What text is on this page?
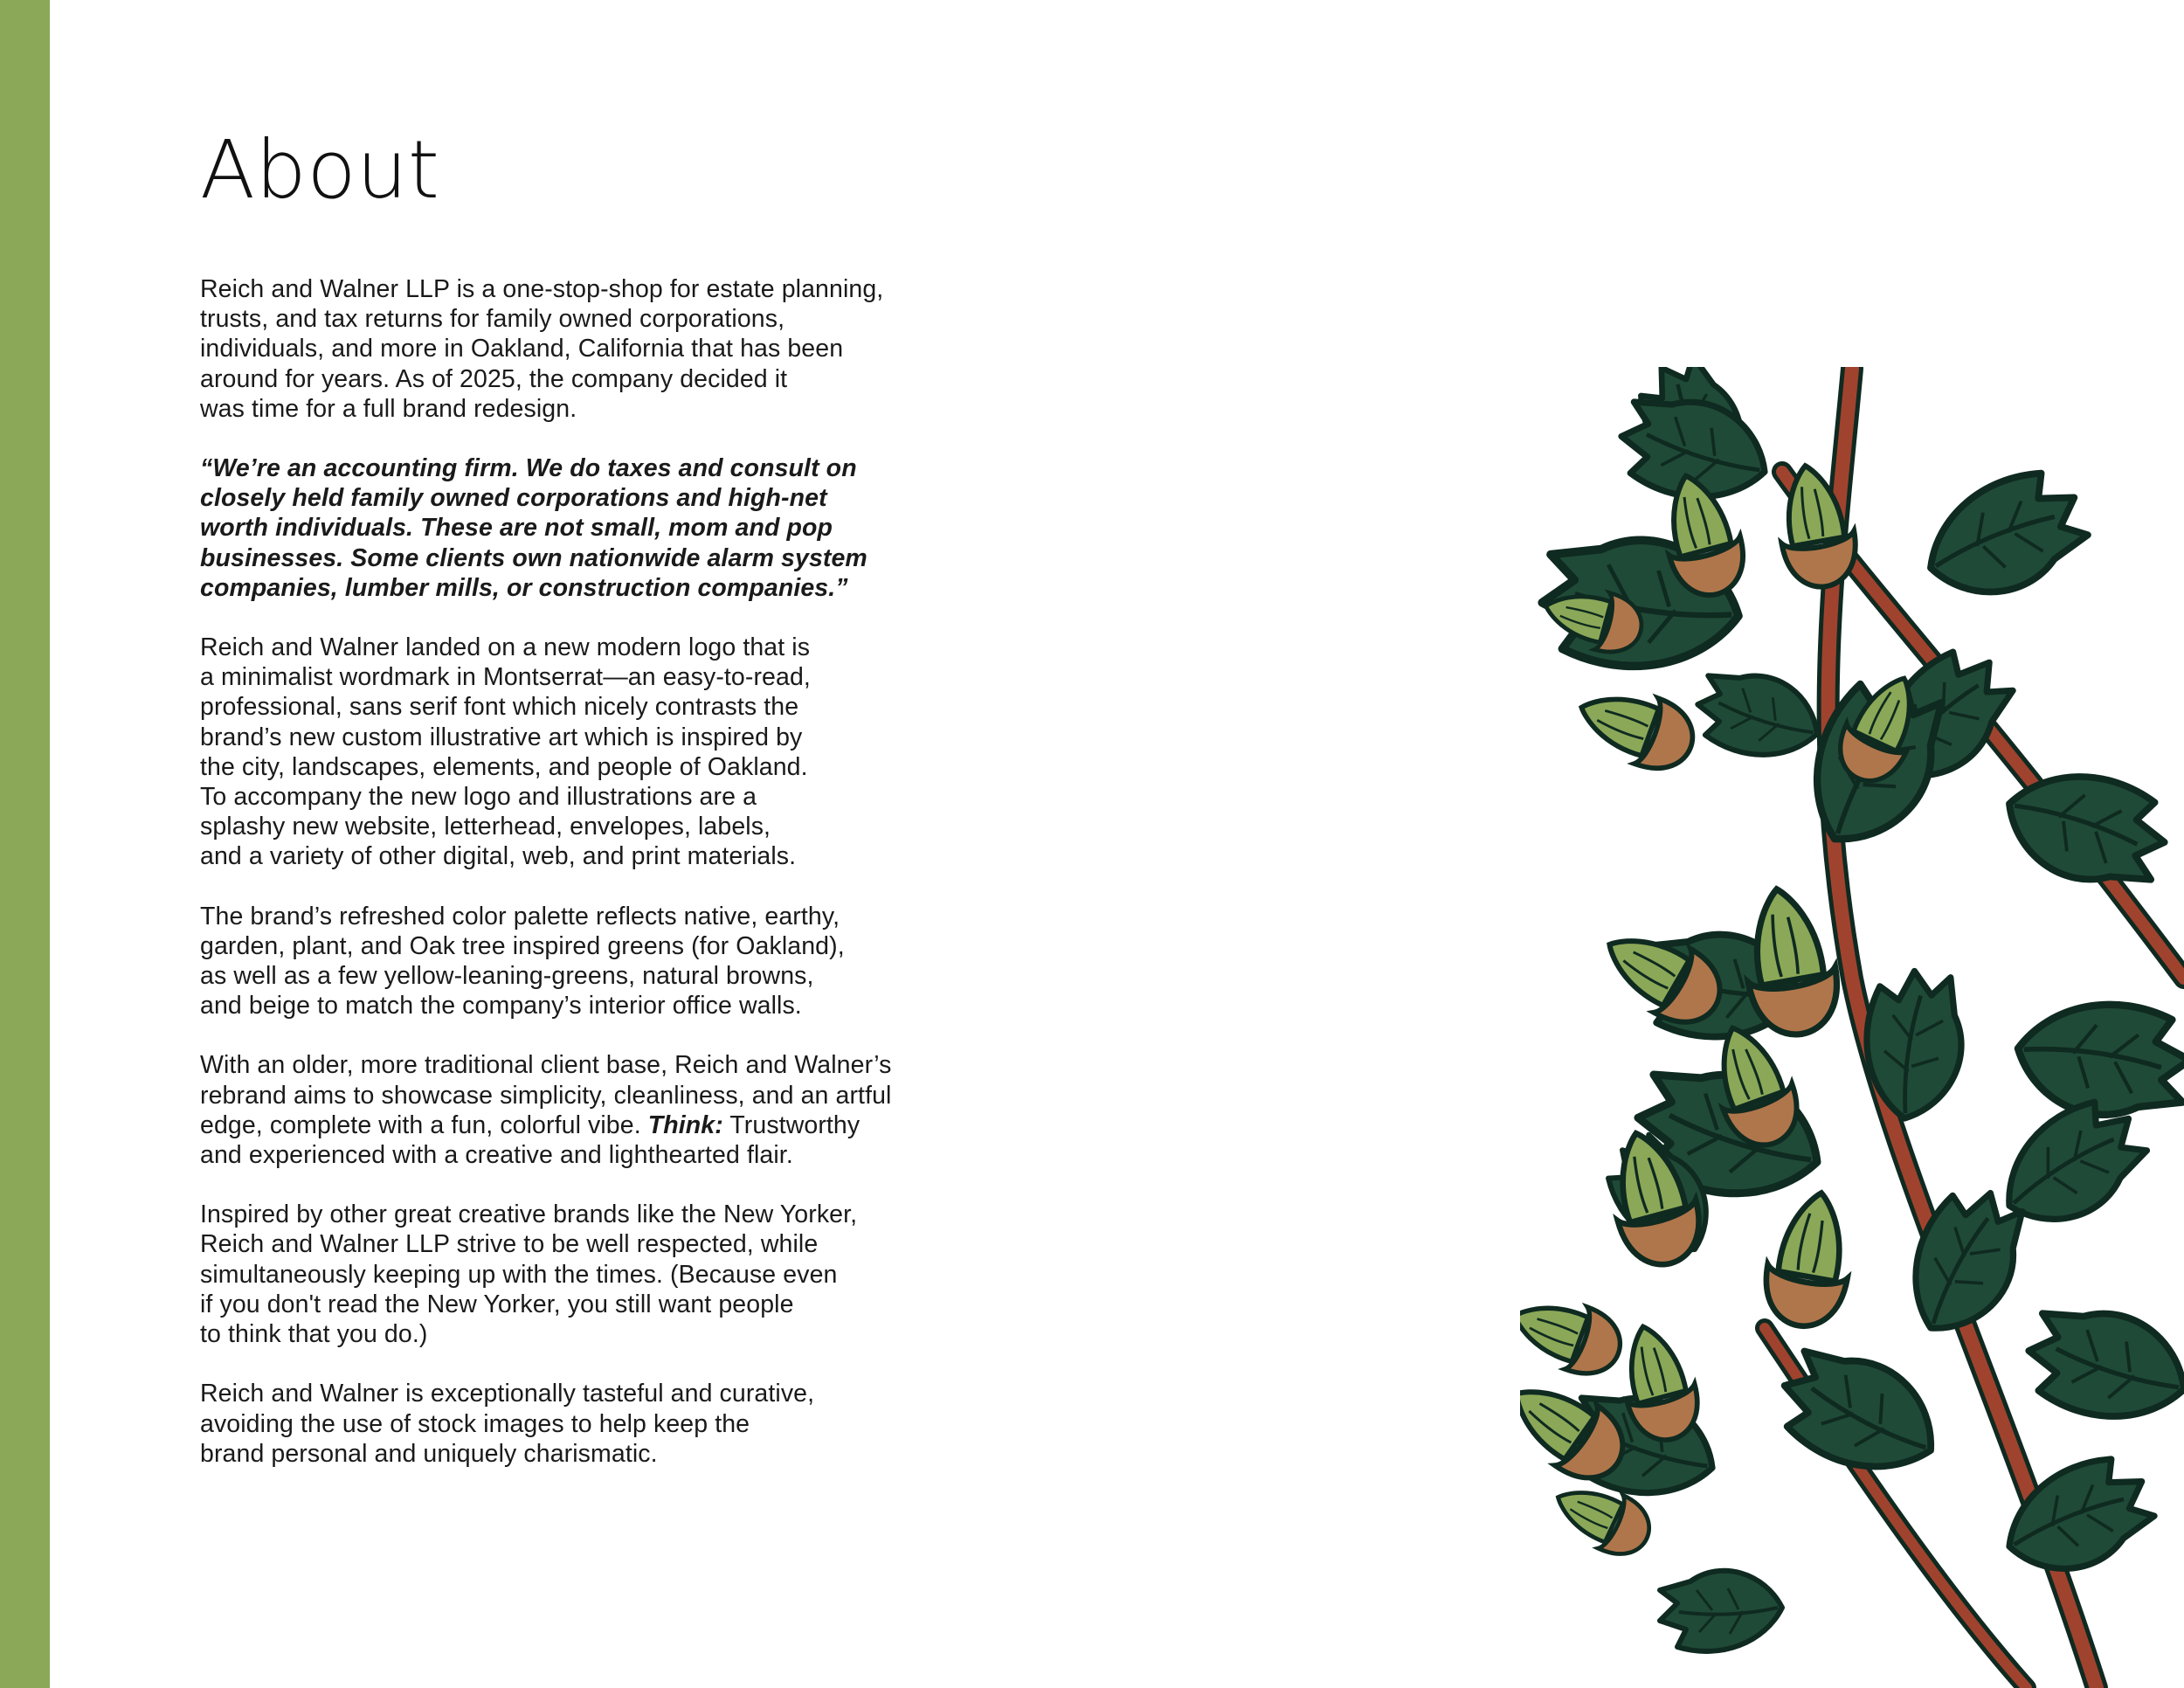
About

Reich and Walner LLP is a one-stop-shop for estate planning,
trusts, and tax returns for family owned corporations,
individuals, and more in Oakland, California that has been
around for years. As of 2025, the company decided it
was time for a full brand redesign.

“We’re an accounting firm. We do taxes and consult on
closely held family owned corporations and high-net
worth individuals. These are not small, mom and pop
businesses. Some clients own nationwide alarm system
companies, lumber mills, or construction companies.”

Reich and Walner landed on a new modern logo that is
a minimalist wordmark in Montserrat—an easy-to-read,
professional, sans serif font which nicely contrasts the
brand’s new custom illustrative art which is inspired by
the city, landscapes, elements, and people of Oakland.
To accompany the new logo and illustrations are a
splashy new website, letterhead, envelopes, labels,
and a variety of other digital, web, and print materials.

The brand’s refreshed color palette reflects native, earthy,
garden, plant, and Oak tree inspired greens (for Oakland),
as well as a few yellow-leaning-greens, natural browns,
and beige to match the company’s interior office walls.

With an older, more traditional client base, Reich and Walner’s
rebrand aims to showcase simplicity, cleanliness, and an artful
edge, complete with a fun, colorful vibe. Think: Trustworthy
and experienced with a creative and lighthearted flair.

Inspired by other great creative brands like the New Yorker,
Reich and Walner LLP strive to be well respected, while
simultaneously keeping up with the times. (Because even
if you don't read the New Yorker, you still want people
to think that you do.)

Reich and Walner is exceptionally tasteful and curative,
avoiding the use of stock images to help keep the
brand personal and uniquely charismatic.
